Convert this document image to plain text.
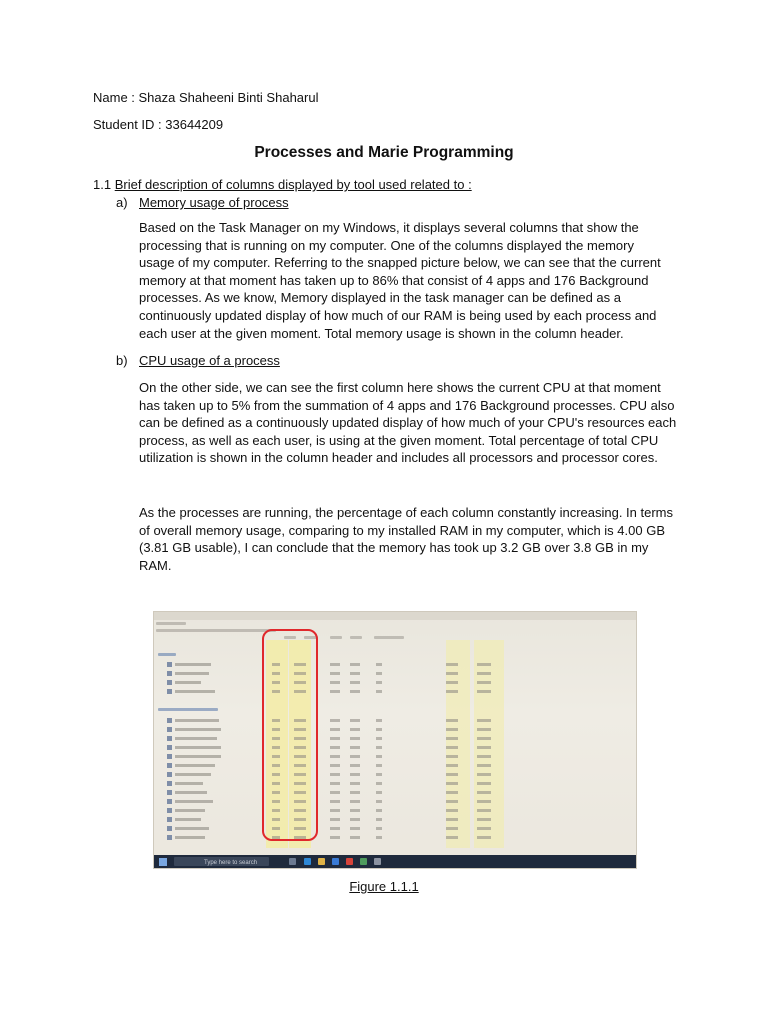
Name : Shaza Shaheeni Binti Shaharul
Student ID : 33644209
Processes and Marie Programming
1.1 Brief description of columns displayed by tool used related to :
a) Memory usage of process
Based on the Task Manager on my Windows, it displays several columns that show the
processing that is running on my computer. One of the columns displayed the memory
usage of my computer. Referring to the snapped picture below, we can see that the current
memory at that moment has taken up to 86% that consist of 4 apps and 176 Background
processes. As we know, Memory displayed in the task manager can be defined as a
continuously updated display of how much of our RAM is being used by each process and
each user at the given moment. Total memory usage is shown in the column header.
b) CPU usage of a process
On the other side, we can see the first column here shows the current CPU at that moment
has taken up to 5% from the summation of 4 apps and 176 Background processes. CPU also
can be defined as a continuously updated display of how much of your CPU's resources each
process, as well as each user, is using at the given moment. Total percentage of total CPU
utilization is shown in the column header and includes all processors and processor cores.
As the processes are running, the percentage of each column constantly increasing. In terms
of overall memory usage, comparing to my installed RAM in my computer, which is 4.00 GB
(3.81 GB usable), I can conclude that the memory has took up 3.2 GB over 3.8 GB in my
RAM.
Type here to search
Figure 1.1.1
